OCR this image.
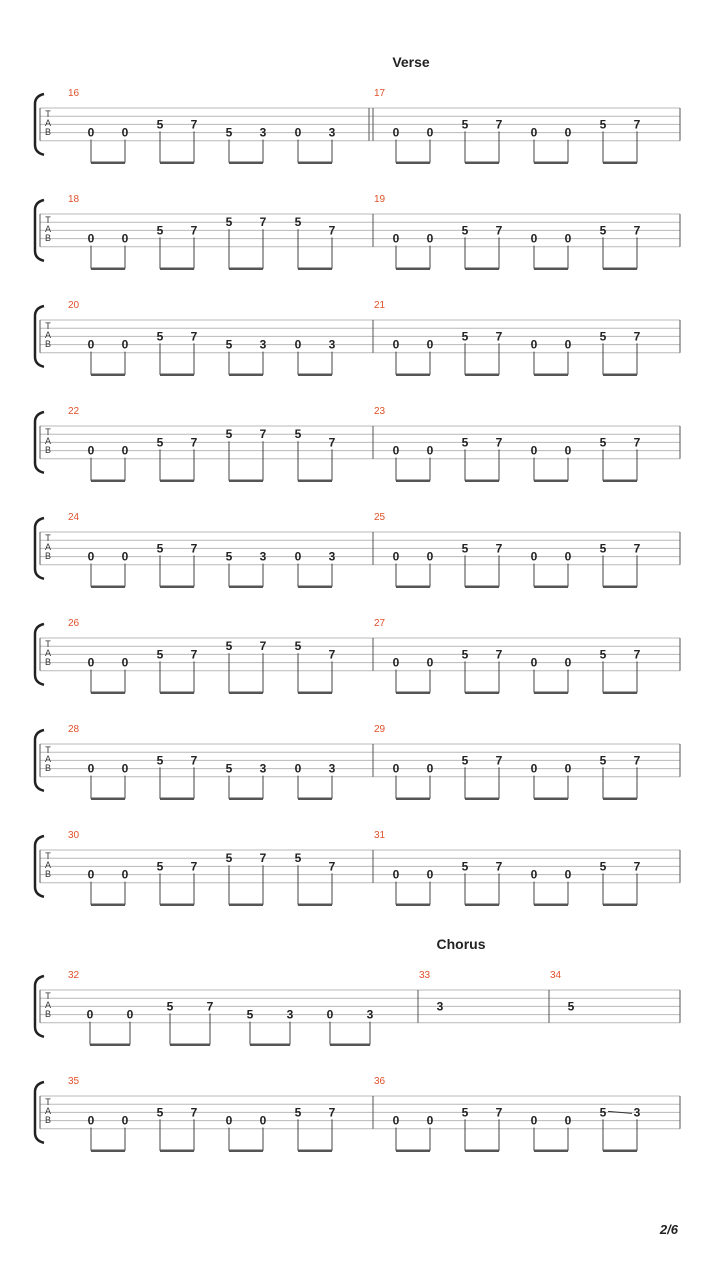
Verse
Chorus
T
A
B
16
0 0
5 7
5 3 0 3
17
0 0
5 7
0 0
5 7
T
A
B
18
0 0
5 7
5 7 5
7
19
0 0
5 7
0 0
5 7
T
A
B
20
0 0
5 7
5 3 0 3
21
0 0
5 7
0 0
5 7
T
A
B
22
0 0
5 7
5 7 5
7
23
0 0
5 7
0 0
5 7
T
A
B
24
0 0
5 7
5 3 0 3
25
0 0
5 7
0 0
5 7
T
A
B
26
0 0
5 7
5 7 5
7
27
0 0
5 7
0 0
5 7
T
A
B
28
0 0
5 7
5 3 0 3
29
0 0
5 7
0 0
5 7
T
A
B
30
0 0
5 7
5 7 5
7
31
0 0
5 7
0 0
5 7
T
A
B
32
0	0
5	7
5	3	0	3
33
3
34
5
T
A
B
35
0 0
5 7
0 0
5 7
36
0 0
5 7
0 0
5 3
2/6
